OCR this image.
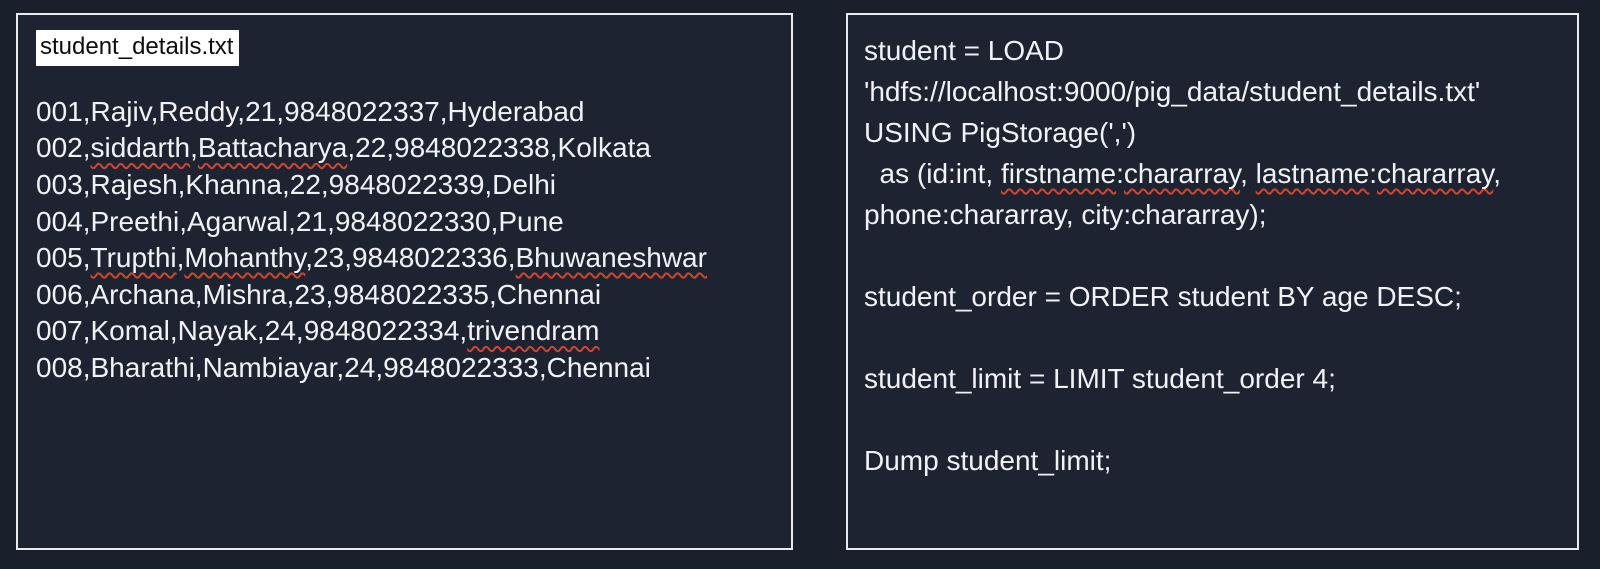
student_details.txt
001,Rajiv,Reddy,21,9848022337,Hyderabad
002,siddarth,Battacharya,22,9848022338,Kolkata
003,Rajesh,Khanna,22,9848022339,Delhi
004,Preethi,Agarwal,21,9848022330,Pune
005,Trupthi,Mohanthy,23,9848022336,Bhuwaneshwar
006,Archana,Mishra,23,9848022335,Chennai
007,Komal,Nayak,24,9848022334,trivendram
008,Bharathi,Nambiayar,24,9848022333,Chennai
student = LOAD
'hdfs://localhost:9000/pig_data/student_details.txt'
USING PigStorage(',')
as (id:int, firstname:chararray, lastname:chararray,
phone:chararray, city:chararray);

student_order = ORDER student BY age DESC;

student_limit = LIMIT student_order 4;

Dump student_limit;
